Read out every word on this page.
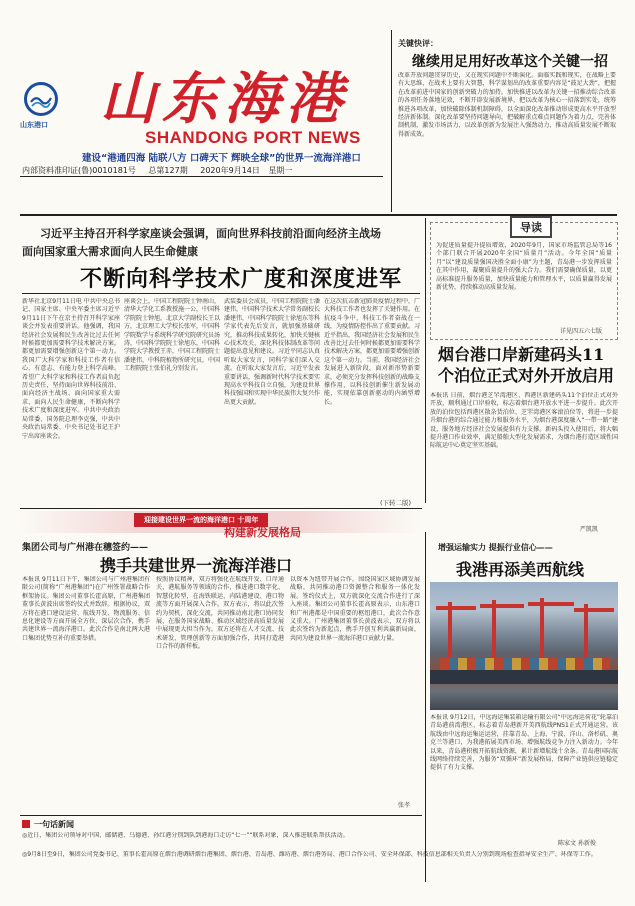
山东港口 山东海港
SHANDONG PORT NEWS
建设“港通四海 陆联八方 口碑天下 辉映全球”的世界一流海洋港口
内部资料准印证(鲁)0010181号 总第127期 2020年9月14日 星期一
关键快评：
继续用足用好改革这个关键一招
改革开放问题贯穿历史，又在现实问题中不断演化。面临实践和现实，在战略上要有大思维，在战术上要有大智慧，科学谋划出的改革重要内容是“鼓足大劲”，把握在改革前进中国家的创新突破力的加持。加快推进以改革为关键一招推动综合改革的各项任务落地见效，不断开辟发展新境界，把以改革为核心一招落到实处，统筹推进各项改革，加快破除体制机制障碍，以全面深化改革推动形成更高水平开放型经济新体制。深化改革要坚持问题导向，把破解重点难点问题作为着力点，完善体制机制，激发市场活力，以改革创新为发展注入强劲动力，推动高质量发展不断取得新成效。
习近平主持召开科学家座谈会强调，面向世界科技前沿面向经济主战场
面向国家重大需求面向人民生命健康
不断向科学技术广度和深度进军
新华社北京9月11日电 中共中央总书记、国家主席、中央军委主席习近平9月11日下午在京主持召开科学家座谈会并发表重要讲话。他强调，我国经济社会发展和民生改善比过去任何时候都更加需要科学技术解决方案，都更加需要增强创新这个第一动力。我国广大科学家和科技工作者有信心、有意志、有能力登上科学高峰。希望广大科学家和科技工作者肩负起历史责任，坚持面向世界科技前沿、面向经济主战场、面向国家重大需求、面向人民生命健康，不断向科学技术广度和深度进军。中共中央政治局常委、国务院总理李克强，中共中央政治局常委、中央书记处书记王沪宁出席座谈会。
座谈会上，中国工程院院士钟南山，清华大学化工系教授施一公，中国科学院院士钟旭，北京大学副校长王以方，北京理工大学校长张军，中国科学院数学与系统科学研究院研究员汤涛，中国科学院院士徐旭东，中国科学院大学教授王赤，中国工程院院士潘建伟，中科院植物所研究员，中国工程院院士张伯礼分别发言。
武装委员会成员，中国工程院院士潘建伟，中国科学技术大学常务副校长潘建伟，中国科学院院士徐旭东等科学家代表先后发言，就加强基础研究，推动科技成果转化，加快关键核心技术攻关、深化科技体制改革等问题提出意见和建议。习近平同志认真听取大家发言，同科学家们深入交流。在听取大家发言后，习近平发表重要讲话，强调新时代科学技术要实现高水平科技自立自强，为建设世界科技强国和实现中华民族伟大复兴作出更大贡献。
在这次抗击新冠肺炎疫情过程中，广大科技工作者也发挥了关键作用。在抗疫斗争中，科技工作者奋战在一线，为疫情防控作出了重要贡献。习近平指出，我国经济社会发展和民生改善比过去任何时候都更加需要科学技术解决方案，都更加需要增强创新这个第一动力。当前，我国经济社会发展进入新阶段，面对新形势新要求，必须充分发挥科技创新的战略支撑作用，以科技创新催生新发展动能，实现依靠创新驱动的内涵型增长。
(下转二版)
导读
为促进质量提升提质增效，2020年9月，国家市场监管总局等16个部门联合开展2020年全国“质量月”活动。今年全国“质量月”以“建设质量强国决胜全面小康”为主题，青岛港一步发挥质量在其中作用，凝聚质量提升的强大合力。我们需要确保质量，以更高标准提升服务质量，加快质量能力和管理水平，以质量赢得发展新优势，持续推动高质量发展。
详见四五六七版
烟台港口岸新建码头11个泊位正式对外开放启用
本报讯 日前，烟台港芝罘湾港区、西港区新建码头11个泊位正式对外开放，顺利通过口岸验收，标志着烟台港开放水平进一步提升。此次开放的泊位包括西港区散杂货泊位、芝罘湾港区客滚泊位等，将进一步提升烟台港的综合通过能力和服务水平，为烟台港深度融入“一带一路”建设，服务地方经济社会发展提供有力支撑。新码头投入使用后，将大幅提升港口作业效率，满足船舶大型化发展需求，为烟台港打造区域性国际航运中心奠定坚实基础。
严凯凯
迎接建设世界一流的海洋港口 十周年
构建新发展格局
集团公司与广州港在穗签约——
携手共建世界一流海洋港口
本报讯 9月11日下午，集团公司与广州港集团有限公司(简称“广州港集团”)在广州签署战略合作框架协议。集团公司董事长霍高原，广州港集团董事长黄波出席签约仪式并致辞。根据协议，双方将在港口建设运营、航线开发、物流服务、信息化建设等方面开展全方位、深层次合作，携手共建世界一流海洋港口。此次合作是南北两大港口集团优势互补的重要举措。
按照协议精神，双方将强化在航线开发、口岸通关、港航服务等领域的合作，推进港口数字化、智慧化转型，在海铁联运、内陆港建设、港口物流等方面开展深入合作。双方表示，将以此次签约为契机，深化交流，共同推动南北港口协同发展，在服务国家战略、推动区域经济高质量发展中展现更大担当作为。双方还将在人才交流、技术研发、管理创新等方面加强合作，共同打造港口合作的新样板。
以资本为纽带开展合作，围绕国家区域协调发展战略，共同推动港口资源整合和服务一体化发展。签约仪式上，双方就深化交流合作进行了深入座谈。集团公司董事长霍高原表示，山东港口和广州港都是中国重要的枢纽港口，此次合作意义重大。广州港集团董事长黄波表示，双方将以此次签约为新起点，携手开创互利共赢新局面，共同为建设世界一流海洋港口贡献力量。
张孝
增强运输实力 提振行业信心——
我港再添美西航线
本报讯 9月12日，中远海运集装箱运输有限公司“中远海运荷花”轮靠泊青岛港前湾港区，标志着青岛港新开美西航线PNS1正式开通运营。该航线由中远海运集运运营，挂靠青岛、上海、宁波、洋山、洛杉矶、奥克兰等港口，为我港拓展美西市场、增强航线竞争力注入新动力。今年以来，青岛港积极开拓航线资源，累计新增航线十余条。青岛港国际航线网络持续完善，为服务“双循环”新发展格局、保障产业链供应链稳定提供了有力支撑。
陈家文 孙新俊
一句话新闻
◎近日，集团公司领导对中国、邮储港、乌德港、孙红港分别到队到港海口走访“七一”“联系对象，深入推进联系帮扶活动。
◎9月8日至9日，集团公司党委书记、董事长霍高原在烟台港调研烟台港集团、烟台港、青岛港、潍坊港、烟台港务局、港口合作公司、安全环保部、科技信息部相关负责人分别到现场检查指导安全生产、环保等工作。
